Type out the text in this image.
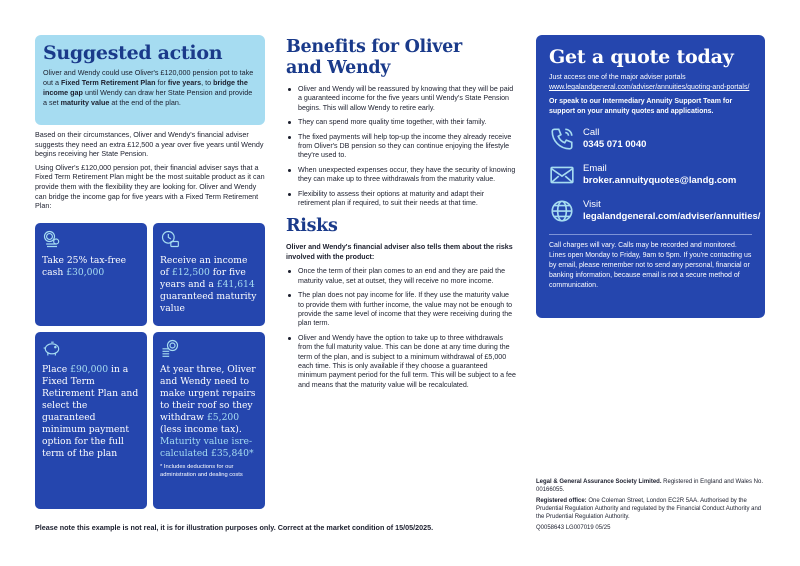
Suggested action

Oliver and Wendy could use Oliver's £120,000 pension pot to take out a Fixed Term Retirement Plan for five years, to bridge the income gap until Wendy can draw her State Pension and provide a set maturity value at the end of the plan.

Based on their circumstances, Oliver and Wendy's financial adviser suggests they need an extra £12,500 a year over five years until Wendy begins receiving her State Pension.

Using Oliver's £120,000 pension pot, their financial adviser says that a Fixed Term Retirement Plan might be the most suitable product as it can provide them with the flexibility they are looking for. Oliver and Wendy can bridge the income gap for five years with a Fixed Term Retirement Plan:

Take 25% tax-free cash £30,000
Receive an income of £12,500 for five years and a £41,614 guaranteed maturity value
Place £90,000 in a Fixed Term Retirement Plan and select the guaranteed minimum payment option for the full term of the plan
At year three, Oliver and Wendy need to make urgent repairs to their roof so they withdraw £5,200 (less income tax). Maturity value isre-calculated £35,840*
* Includes deductions for our administration and dealing costs
Benefits for Oliver
and Wendy
Oliver and Wendy will be reassured by knowing that they will be paid a guaranteed income for the five years until Wendy's State Pension begins. This will allow Wendy to retire early.
They can spend more quality time together, with their family.
The fixed payments will help top-up the income they already receive from Oliver's DB pension so they can continue enjoying the lifestyle they're used to.
When unexpected expenses occur, they have the security of knowing they can make up to three withdrawals from the maturity value.
Flexibility to assess their options at maturity and adapt their retirement plan if required, to suit their needs at that time.
Risks

Oliver and Wendy's financial adviser also tells them about the risks involved with the product:

Once the term of their plan comes to an end and they are paid the maturity value, set at outset, they will receive no more income.
The plan does not pay income for life. If they use the maturity value to provide them with further income, the value may not be enough to provide the same level of income that they were receiving during the plan term.
Oliver and Wendy have the option to take up to three withdrawals from the full maturity value. This can be done at any time during the term of the plan, and is subject to a minimum withdrawal of £5,000 each time. This is only available if they choose a guaranteed minimum payment period for the full term. This will be subject to a fee and means that the maturity value will be recalculated.
Get a quote today

Just access one of the major adviser portals

www.legalandgeneral.com/adviser/annuities/quoting-and-portals/

Or speak to our Intermediary Annuity Support Team for support on your annuity quotes and applications.

Call
0345 071 0040
Email
broker.annuityquotes@landg.com
Visit
legalandgeneral.com/adviser/annuities/

Call charges will vary. Calls may be recorded and monitored. Lines open Monday to Friday, 9am to 5pm. If you're contacting us by email, please remember not to send any personal, financial or banking information, because email is not a secure method of communication.

Legal & General Assurance Society Limited. Registered in England and Wales No. 00166055.

Registered office: One Coleman Street, London EC2R 5AA. Authorised by the Prudential Regulation Authority and regulated by the Financial Conduct Authority and the Prudential Regulation Authority.

Please note this example is not real, it is for illustration purposes only. Correct at the market condition of 15/05/2025.	Q0058643 LG007019 05/25
